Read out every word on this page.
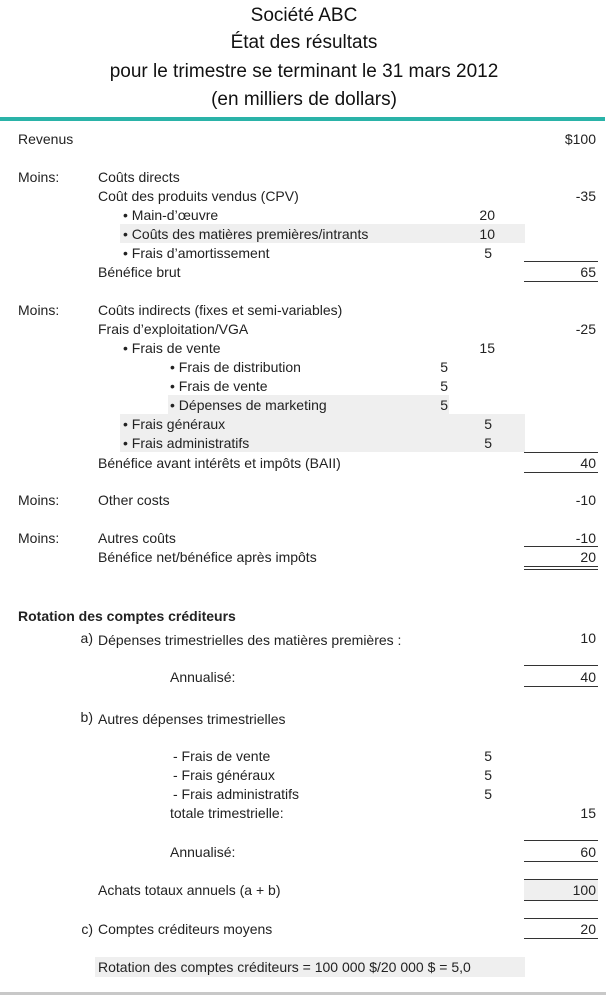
Société ABC
État des résultats
pour le trimestre se terminant le 31 mars 2012
(en milliers de dollars)
Revenus	$100
Moins:	Coûts directs
Coût des produits vendus (CPV)	-35
• Main-d’œuvre	20
• Coûts des matières premières/intrants	10
• Frais d’amortissement	5
Bénéfice brut	65
Moins:	Coûts indirects (fixes et semi-variables)
Frais d’exploitation/VGA	-25
• Frais de vente	15
• Frais de distribution	5
• Frais de vente	5
• Dépenses de marketing	5
• Frais généraux	5
• Frais administratifs	5
Bénéfice avant intérêts et impôts (BAII)	40
Moins:	Other costs	-10
Moins:	Autres coûts	-10
Bénéfice net/bénéfice après impôts	20
Rotation des comptes créditeurs
a) Dépenses trimestrielles des matières premières :	10
Annualisé:	40
b) Autres dépenses trimestrielles
- Frais de vente	5
- Frais généraux	5
- Frais administratifs	5
totale trimestrielle:	15
Annualisé:	60
Achats totaux annuels (a + b)	100
c) Comptes créditeurs moyens	20
Rotation des comptes créditeurs = 100 000 $/20 000 $ = 5,0
